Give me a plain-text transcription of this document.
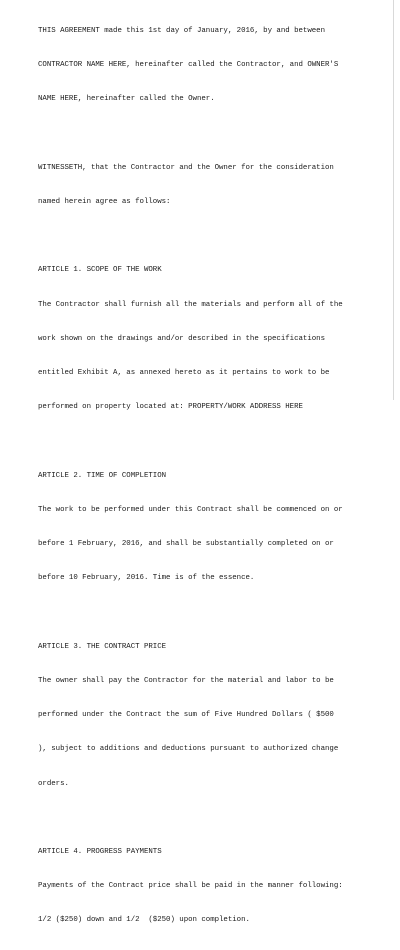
THIS AGREEMENT made this 1st day of January, 2016, by and between

CONTRACTOR NAME HERE, hereinafter called the Contractor, and OWNER'S

NAME HERE, hereinafter called the Owner.

WITNESSETH, that the Contractor and the Owner for the consideration

named herein agree as follows:

ARTICLE 1. SCOPE OF THE WORK

The Contractor shall furnish all the materials and perform all of the

work shown on the drawings and/or described in the specifications

entitled Exhibit A, as annexed hereto as it pertains to work to be

performed on property located at: PROPERTY/WORK ADDRESS HERE

ARTICLE 2. TIME OF COMPLETION

The work to be performed under this Contract shall be commenced on or

before 1 February, 2016, and shall be substantially completed on or

before 10 February, 2016. Time is of the essence.

ARTICLE 3. THE CONTRACT PRICE

The owner shall pay the Contractor for the material and labor to be

performed under the Contract the sum of Five Hundred Dollars ( $500

), subject to additions and deductions pursuant to authorized change

orders.

ARTICLE 4. PROGRESS PAYMENTS

Payments of the Contract price shall be paid in the manner following:

1/2 ($250) down and 1/2  ($250) upon completion.
